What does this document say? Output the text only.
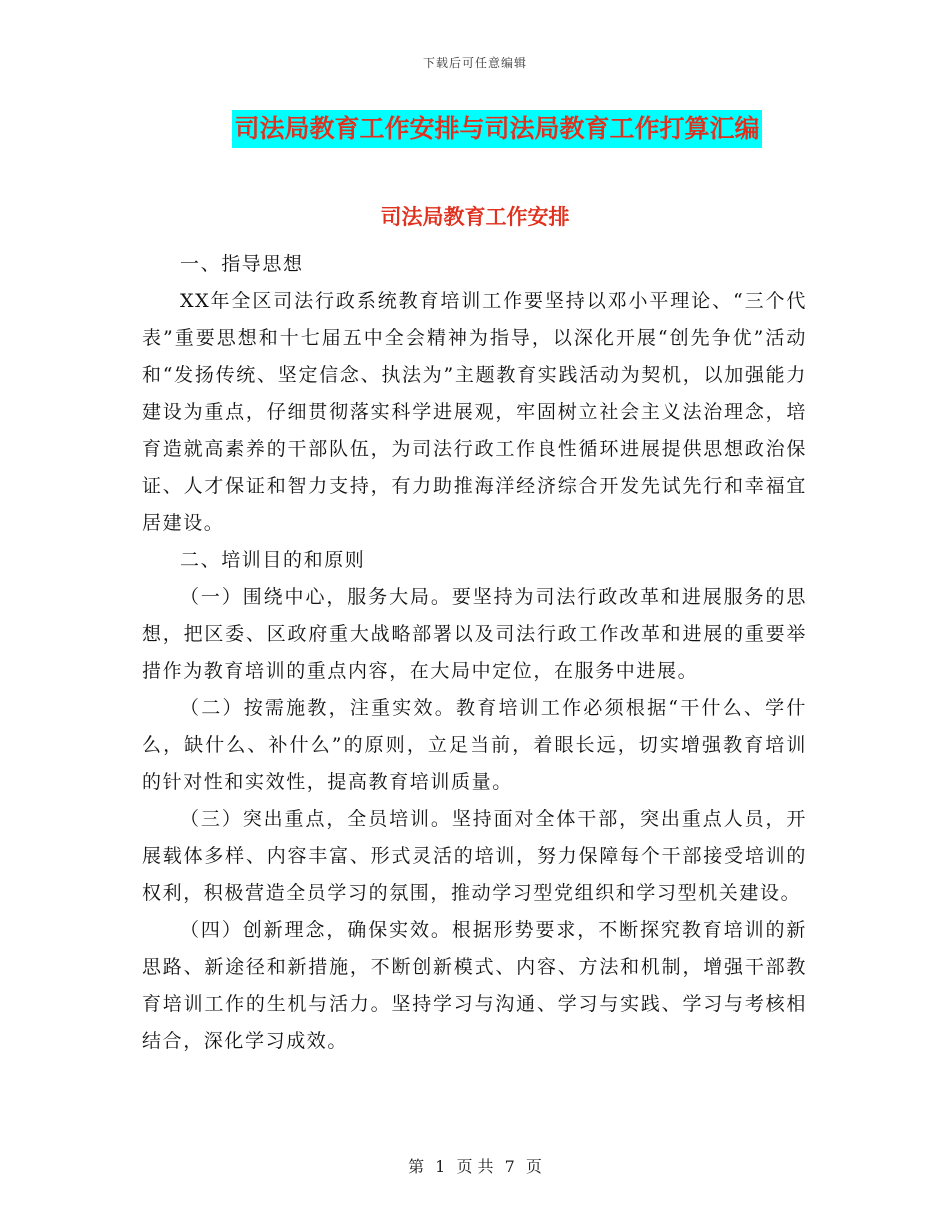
下载后可任意编辑
司法局教育工作安排与司法局教育工作打算汇编
司法局教育工作安排

一、指导思想

XX年全区司法行政系统教育培训工作要坚持以邓小平理论、“三个代表”重要思想和十七届五中全会精神为指导，以深化开展“创先争优”活动和“发扬传统、坚定信念、执法为”主题教育实践活动为契机，以加强能力建设为重点，仔细贯彻落实科学进展观，牢固树立社会主义法治理念，培育造就高素养的干部队伍，为司法行政工作良性循环进展提供思想政治保证、人才保证和智力支持，有力助推海洋经济综合开发先试先行和幸福宜居建设。

二、培训目的和原则

（一）围绕中心，服务大局。要坚持为司法行政改革和进展服务的思想，把区委、区政府重大战略部署以及司法行政工作改革和进展的重要举措作为教育培训的重点内容，在大局中定位，在服务中进展。

（二）按需施教，注重实效。教育培训工作必须根据“干什么、学什么，缺什么、补什么”的原则，立足当前，着眼长远，切实增强教育培训的针对性和实效性，提高教育培训质量。

（三）突出重点，全员培训。坚持面对全体干部，突出重点人员，开展载体多样、内容丰富、形式灵活的培训，努力保障每个干部接受培训的权利，积极营造全员学习的氛围，推动学习型党组织和学习型机关建设。

（四）创新理念，确保实效。根据形势要求，不断探究教育培训的新思路、新途径和新措施，不断创新模式、内容、方法和机制，增强干部教育培训工作的生机与活力。坚持学习与沟通、学习与实践、学习与考核相结合，深化学习成效。

第 1 页 共 7 页
